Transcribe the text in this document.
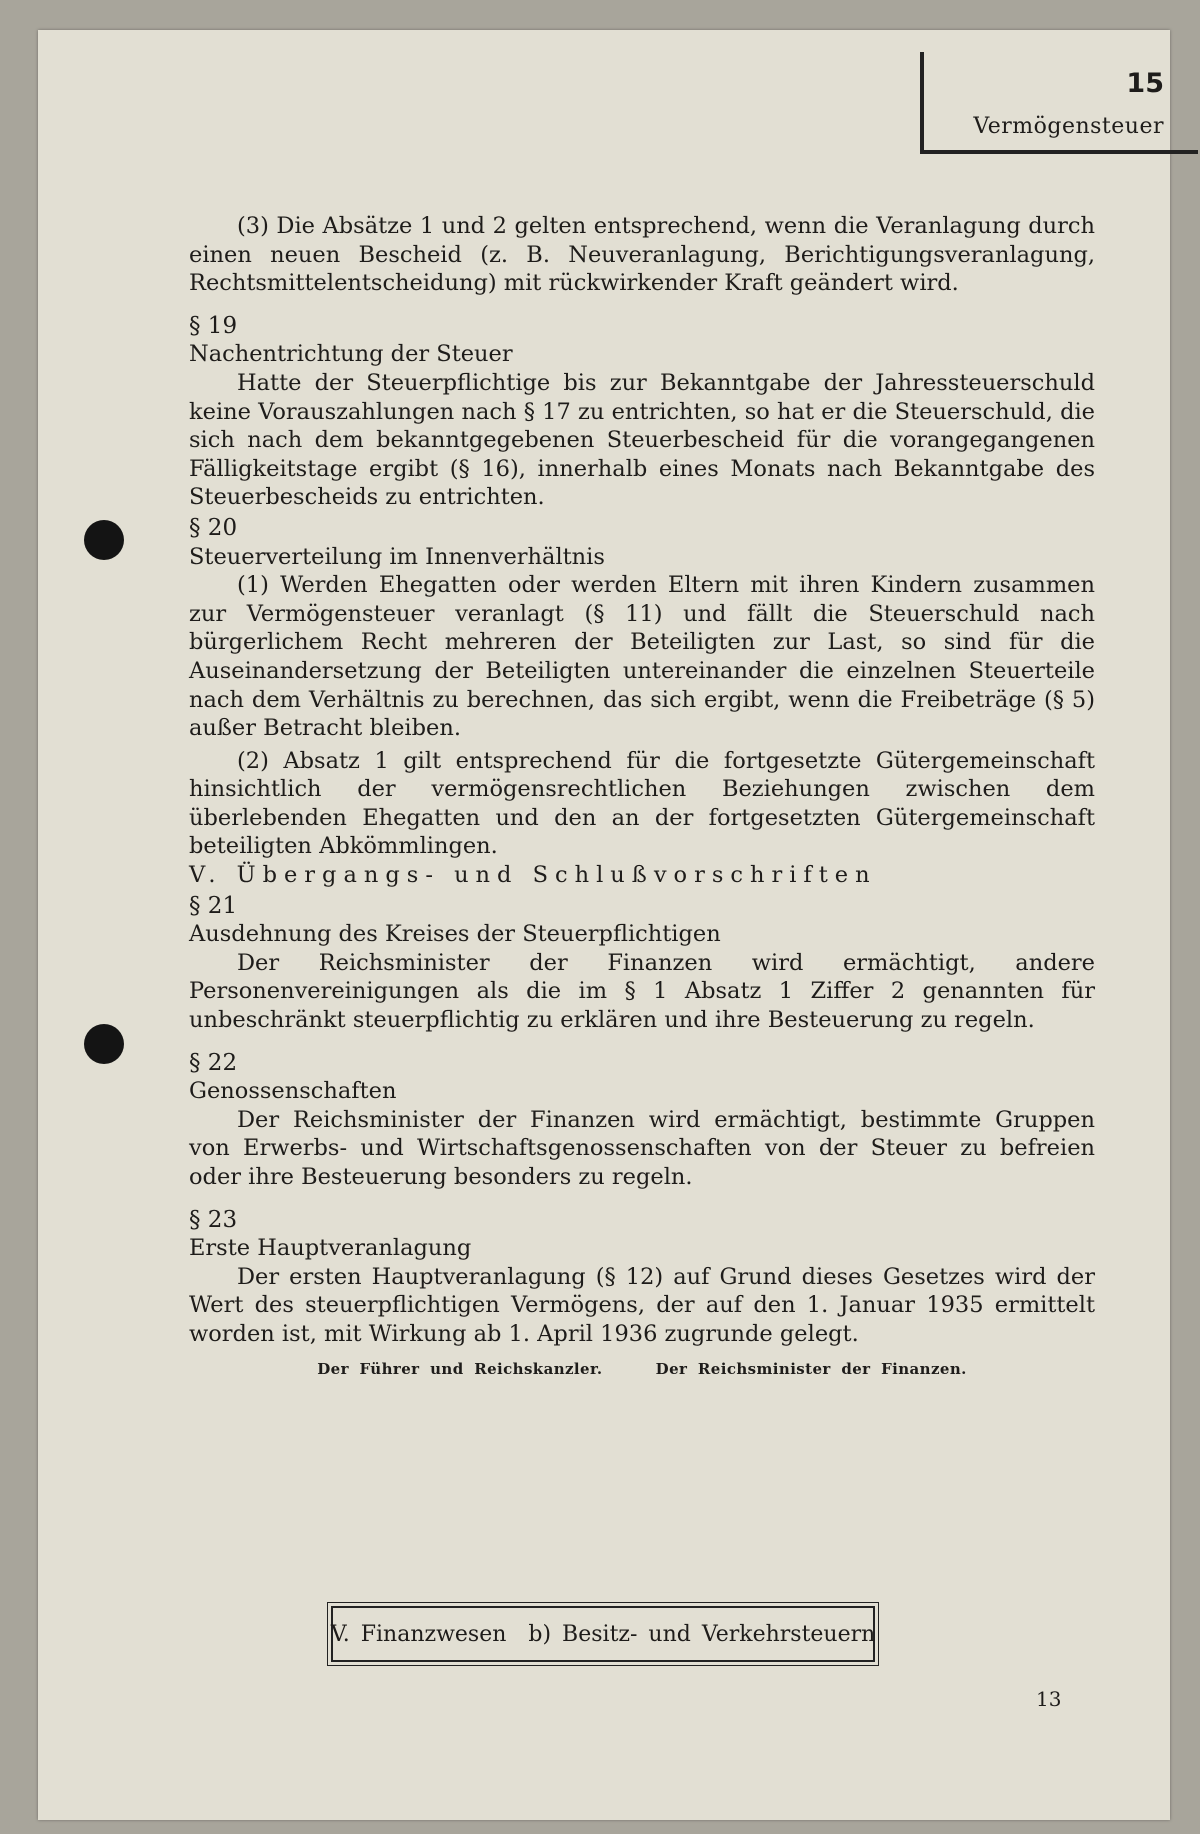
15
Vermögensteuer

(3) Die Absätze 1 und 2 gelten entsprechend, wenn die Veranlagung durch einen neuen Bescheid (z. B. Neuveranlagung, Berichtigungsveranlagung, Rechtsmittelentscheidung) mit rückwirkender Kraft geändert wird.

§ 19

Nachentrichtung der Steuer

Hatte der Steuerpflichtige bis zur Bekanntgabe der Jahressteuerschuld keine Vorauszahlungen nach § 17 zu entrichten, so hat er die Steuerschuld, die sich nach dem bekanntgegebenen Steuerbescheid für die vorangegangenen Fälligkeitstage ergibt (§ 16), innerhalb eines Monats nach Bekanntgabe des Steuerbescheids zu entrichten.

§ 20

Steuerverteilung im Innenverhältnis

(1) Werden Ehegatten oder werden Eltern mit ihren Kindern zusammen zur Vermögensteuer veranlagt (§ 11) und fällt die Steuerschuld nach bürgerlichem Recht mehreren der Beteiligten zur Last, so sind für die Auseinandersetzung der Beteiligten untereinander die einzelnen Steuerteile nach dem Verhältnis zu berechnen, das sich ergibt, wenn die Freibeträge (§ 5) außer Betracht bleiben.

(2) Absatz 1 gilt entsprechend für die fortgesetzte Gütergemeinschaft hinsichtlich der vermögensrechtlichen Beziehungen zwischen dem überlebenden Ehegatten und den an der fortgesetzten Gütergemeinschaft beteiligten Abkömmlingen.

V. Übergangs- und Schlußvorschriften

§ 21

Ausdehnung des Kreises der Steuerpflichtigen

Der Reichsminister der Finanzen wird ermächtigt, andere Personenvereinigungen als die im § 1 Absatz 1 Ziffer 2 genannten für unbeschränkt steuerpflichtig zu erklären und ihre Besteuerung zu regeln.

§ 22

Genossenschaften

Der Reichsminister der Finanzen wird ermächtigt, bestimmte Gruppen von Erwerbs- und Wirtschaftsgenossenschaften von der Steuer zu befreien oder ihre Besteuerung besonders zu regeln.

§ 23

Erste Hauptveranlagung

Der ersten Hauptveranlagung (§ 12) auf Grund dieses Gesetzes wird der Wert des steuerpflichtigen Vermögens, der auf den 1. Januar 1935 ermittelt worden ist, mit Wirkung ab 1. April 1936 zugrunde gelegt.

Der Führer und Reichskanzler.	Der Reichsminister der Finanzen.
V. Finanzwesen  b) Besitz- und Verkehrsteuern
13
